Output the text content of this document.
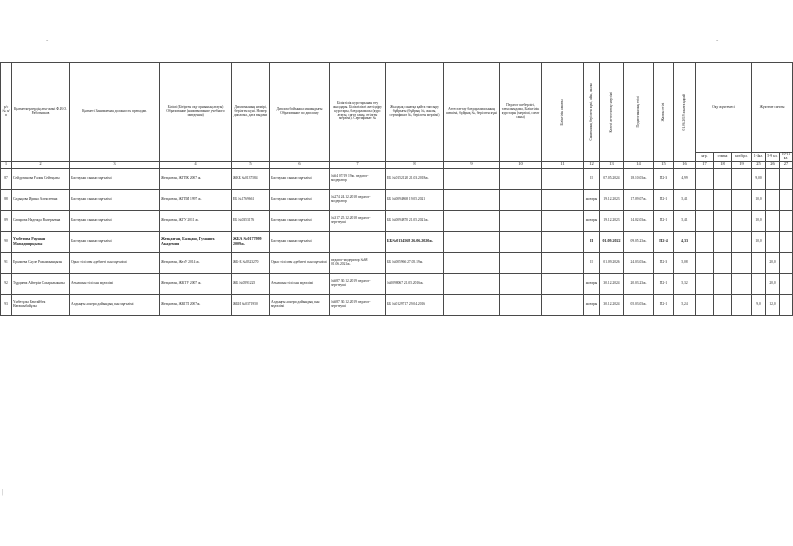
-	-
|
р/с № п/п	Қызметкерлердің аты-жөні Ф.И.О. Работников	Қызметі Занимаемая должность препадав.	Білімі (Бітірген оқу орнының атауы) Образование (наименование учебного заведения)	Дипломының нөмірі, берілген күні. Номер диплома, дата выдачи	Диплом бойынша мамандығы Образование по диплому	Біліктілік курстарынан өту жылдары. Біліктілікті жетілдіру курстары, бағдарламасы (курс атауы, сағат саны, өтілген мерзімі). Сертификат №	Жылдық санатқа қайта тапсыру бұйрығы (бұйрық №, жылы, сертификат №, берілген мерзімі)	Аттестаттау бағдарламасының шешімі, бұйрық №, берілген күні	Педагог шеберлігі, тағылымдама, Біліктілік курстары (мерзімі, сағат саны)	Біліктілік санаты	Санатының берілген күні, айы, жылы	Келесі аттестаттау мерзімі	Педагогикалық өтілі	Жалпы өтілі	01.06.2019 жылға қарай	Оқу жүктемесі			Жүктеме сағаты		
																нгр.	ставка	кат.бірл.	1-4кл.	5-9 кл.	10-11 кл.
1	2	3	4	5	6	7	8	9	10	11	12	13	14	15	16	17	18	19	25	26	27
87	Сейдулинова Ғалия Сейтқызы	Бастауыш сынып мұғалімі	Жезқазған, ЖГПК 2007 ж.	ЖКБ №0137584	Бастауыш сынып мұғалімі	№64 07/19 19ж. педагог-модератор	ЕБ №0152120 21.03.2018ж.				II	07.05.2024	18.10.03ж.	П2-3	4,99				9,00		
88	Садықова Ирина Алексеевна	Бастауыш сынып мұғалімі	Жезқазған, ЖГПИ 1997 ж.	ЕБ №1769661	Бастауыш сынып мұғалімі	№274 24.12.2018 педагог-модератор	ББ №0094868 19.05.2021				жоғары	19.12.2023	17.09.07ж.	П2-1	5,41				10,0		
89	Сапарова Надежда Валерьевна	Бастауыш сынып мұғалімі	Жезқазған, ЖГУ 2011 ж.	ЕБ №0353176	Бастауыш сынып мұғалімі	№317 25.12.2018 педагог-зерттеуші	ББ №0094870 21.05.2021ж.				жоғары	19.12.2023	14.02.03ж.	П2-1	5,41				10,0		
90	Үмбетова Раушан Мамадиярқызы	Бастауыш сынып мұғалімі	Жезқазған, Балқаш, Гуманит. Академия	ЖБА №0177999 2009ж.	Бастауыш сынып мұғалімі		ББ№0134568 26.06.2020ж.				II	01.09.2022	09.05.23ж.	П2-4	4,33				10,0		
91	Ералиева Сәуле Рахымжанқызы	Орыс тілі мен әдебиеті пән мұғалімі	Жезқазған, ЖезУ 2014 ж.	ЖБ-Б №0323270	Орыс тілі мен әдебиеті пән мұғалімі	педагог-модератор №68 01.06.2021ж.	ББ №005966 27.05.19ж.				II	01.09.2026	24.03.03ж.	П2-3	5,08					20,0	
92	Тұрдиева Айгерім Сахаралыкызы	Ағылшын тілі пән мұғалімі	Жезқазған, ЖКТУ 2007 ж.	ЖБ №0591225	Ағылшын тілі пән мұғалімі	№687 30.12.2019 педагог-зерттеуші	№0098067 21.05.2016ж.				жоғары	30.12.2024	20.03.23ж.	П2-1	5,32					20,0	
93	Үмбетұлы Бектайбек Нағашыбайұлы	Алдыңғы әскери дайындық пән мұғалімі	Жезқазған, ЖКГП 2007ж.	ЖБИ №0371950	Алдыңғы әскери дайындық пән мұғалімі	№687 30.12.2019 педагог-зерттеуші	ББ №0129717 29.04.2016				жоғары	30.12.2024	05.03.03ж.	П2-1	5,24				9,0	12,0	
